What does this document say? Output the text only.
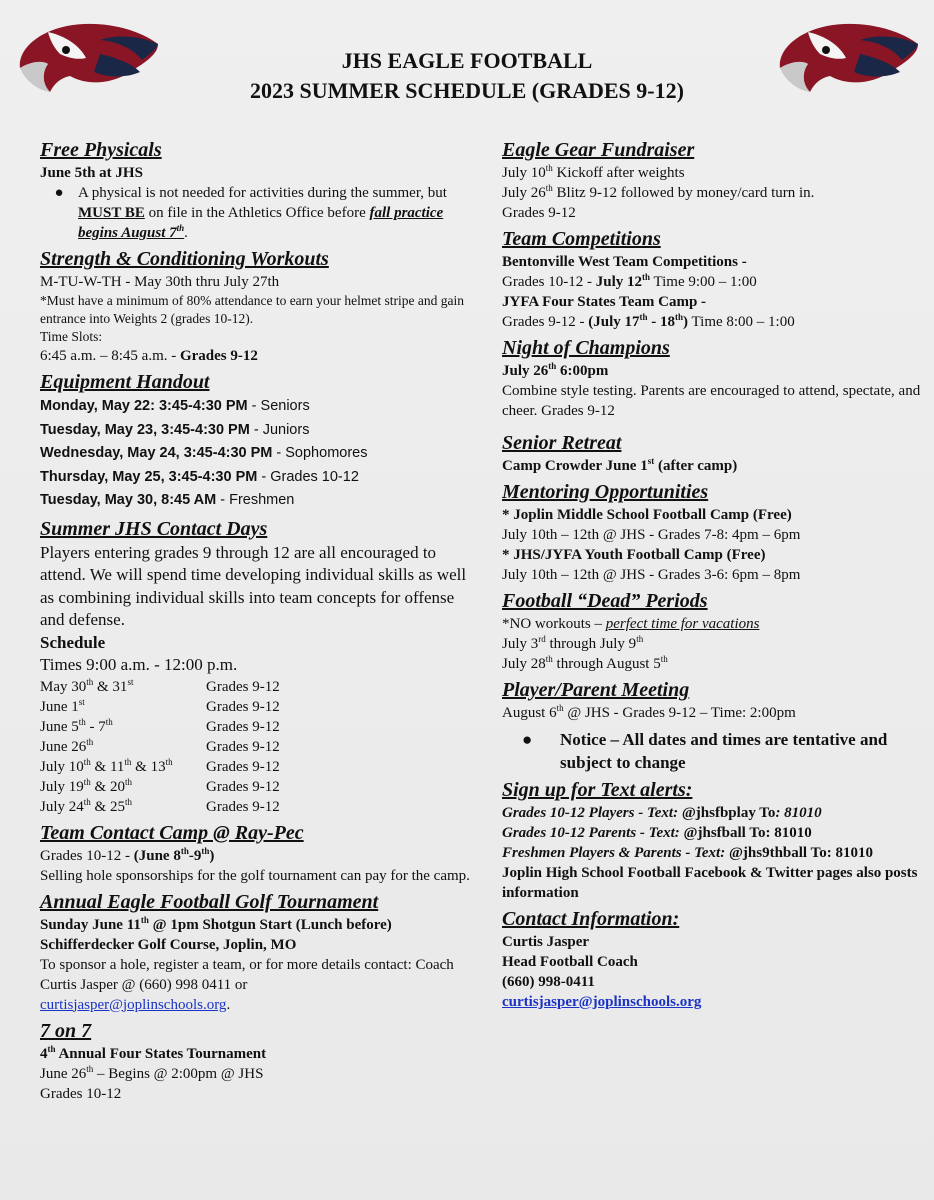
JHS EAGLE FOOTBALL
2023 SUMMER SCHEDULE (GRADES 9-12)

Free Physicals

June 5th at JHS

● A physical is not needed for activities during the summer, but MUST BE on file in the Athletics Office before fall practice begins August 7th.

Strength & Conditioning Workouts

M-TU-W-TH - May 30th thru July 27th

*Must have a minimum of 80% attendance to earn your helmet stripe and gain entrance into Weights 2 (grades 10-12).

Time Slots:

6:45 a.m. – 8:45 a.m. - Grades 9-12

Equipment Handout

Monday, May 22: 3:45-4:30 PM - Seniors

Tuesday, May 23, 3:45-4:30 PM - Juniors

Wednesday, May 24, 3:45-4:30 PM - Sophomores

Thursday, May 25, 3:45-4:30 PM - Grades 10-12

Tuesday, May 30, 8:45 AM - Freshmen

Summer JHS Contact Days

Players entering grades 9 through 12 are all encouraged to attend. We will spend time developing individual skills as well as combining individual skills into team concepts for offense and defense.

Schedule

Times 9:00 a.m. - 12:00 p.m.

May 30th & 31st	Grades 9-12
June 1st	Grades 9-12
June 5th - 7th	Grades 9-12
June 26th	Grades 9-12
July 10th & 11th & 13th	Grades 9-12
July 19th & 20th	Grades 9-12
July 24th & 25th	Grades 9-12

Team Contact Camp @ Ray-Pec

Grades 10-12 - (June 8th-9th)

Selling hole sponsorships for the golf tournament can pay for the camp.

Annual Eagle Football Golf Tournament

Sunday June 11th @ 1pm Shotgun Start (Lunch before)

Schifferdecker Golf Course, Joplin, MO

To sponsor a hole, register a team, or for more details contact: Coach Curtis Jasper @ (660) 998 0411 or

curtisjasper@joplinschools.org.

7 on 7

4th Annual Four States Tournament

June 26th – Begins @ 2:00pm @ JHS

Grades 10-12

Eagle Gear Fundraiser

July 10th Kickoff after weights

July 26th Blitz 9-12 followed by money/card turn in.

Grades 9-12

Team Competitions

Bentonville West Team Competitions -

Grades 10-12 - July 12th Time 9:00 – 1:00

JYFA Four States Team Camp -

Grades 9-12 - (July 17th - 18th) Time 8:00 – 1:00

Night of Champions

July 26th 6:00pm

Combine style testing. Parents are encouraged to attend, spectate, and cheer. Grades 9-12

Senior Retreat

Camp Crowder June 1st (after camp)

Mentoring Opportunities

* Joplin Middle School Football Camp (Free)

July 10th – 12th @ JHS - Grades 7-8: 4pm – 6pm

* JHS/JYFA Youth Football Camp (Free)

July 10th – 12th @ JHS - Grades 3-6: 6pm – 8pm

Football “Dead” Periods

*NO workouts – perfect time for vacations

July 3rd through July 9th

July 28th through August 5th

Player/Parent Meeting

August 6th @ JHS - Grades 9-12 – Time: 2:00pm

●	Notice – All dates and times are tentative and subject to change

Sign up for Text alerts:

Grades 10-12 Players - Text: @jhsfbplay To: 81010

Grades 10-12 Parents - Text: @jhsfball To: 81010

Freshmen Players & Parents - Text: @jhs9thball To: 81010

Joplin High School Football Facebook & Twitter pages also posts information

Contact Information:

Curtis Jasper

Head Football Coach

(660) 998-0411

curtisjasper@joplinschools.org
